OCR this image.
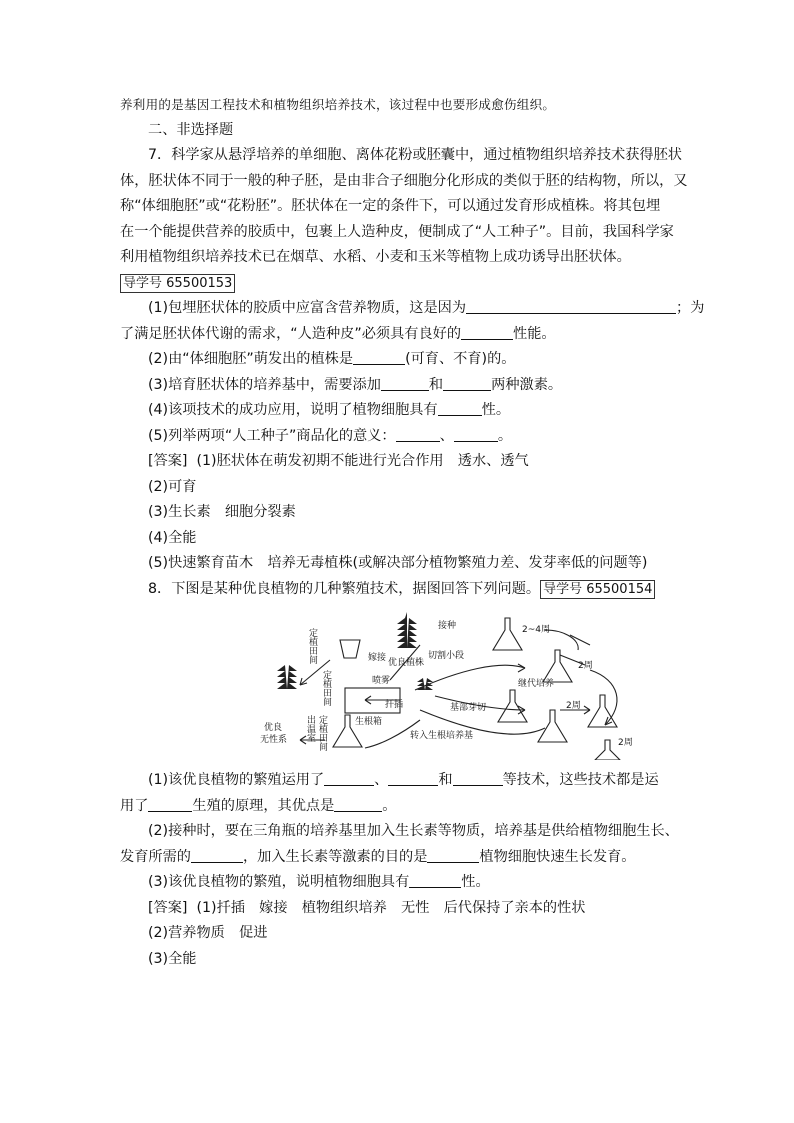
养利用的是基因工程技术和植物组织培养技术，该过程中也要形成愈伤组织。
二、非选择题
7．科学家从悬浮培养的单细胞、离体花粉或胚囊中，通过植物组织培养技术获得胚状
体，胚状体不同于一般的种子胚，是由非合子细胞分化形成的类似于胚的结构物，所以，又
称“体细胞胚”或“花粉胚”。胚状体在一定的条件下，可以通过发育形成植株。将其包埋
在一个能提供营养的胶质中，包裹上人造种皮，便制成了“人工种子”。目前，我国科学家
利用植物组织培养技术已在烟草、水稻、小麦和玉米等植物上成功诱导出胚状体。
导学号 65500153
(1)包埋胚状体的胶质中应富含营养物质，这是因为	；为
了满足胚状体代谢的需求，“人造种皮”必须具有良好的	性能。
(2)由“体细胞胚”萌发出的植株是	(可育、不育)的。
(3)培育胚状体的培养基中，需要添加	和	两种激素。
(4)该项技术的成功应用，说明了植物细胞具有	性。
(5)列举两项“人工种子”商品化的意义：	、	。
[答案] (1)胚状体在萌发初期不能进行光合作用　透水、透气
(2)可育
(3)生长素　细胞分裂素
(4)全能
(5)快速繁育苗木　培养无毒植株(或解决部分植物繁殖力差、发芽率低的问题等)
8．下图是某种优良植物的几种繁殖技术，据图回答下列问题。 导学号 65500154
接种	2~4周
优良植株
切割小段
嫁接
定植田间
定植田间	喷雾
扦插
生根箱
基部芽切
转入生根培养基
继代培养
2周
2周
2周
优良
无性系 出温室 定植田间
(1)该优良植物的繁殖运用了	、	和	等技术，这些技术都是运
用了	生殖的原理，其优点是	。
(2)接种时，要在三角瓶的培养基里加入生长素等物质，培养基是供给植物细胞生长、
发育所需的	，加入生长素等激素的目的是	植物细胞快速生长发育。
(3)该优良植物的繁殖，说明植物细胞具有	性。
[答案] (1)扦插　嫁接　植物组织培养　无性　后代保持了亲本的性状
(2)营养物质　促进
(3)全能
